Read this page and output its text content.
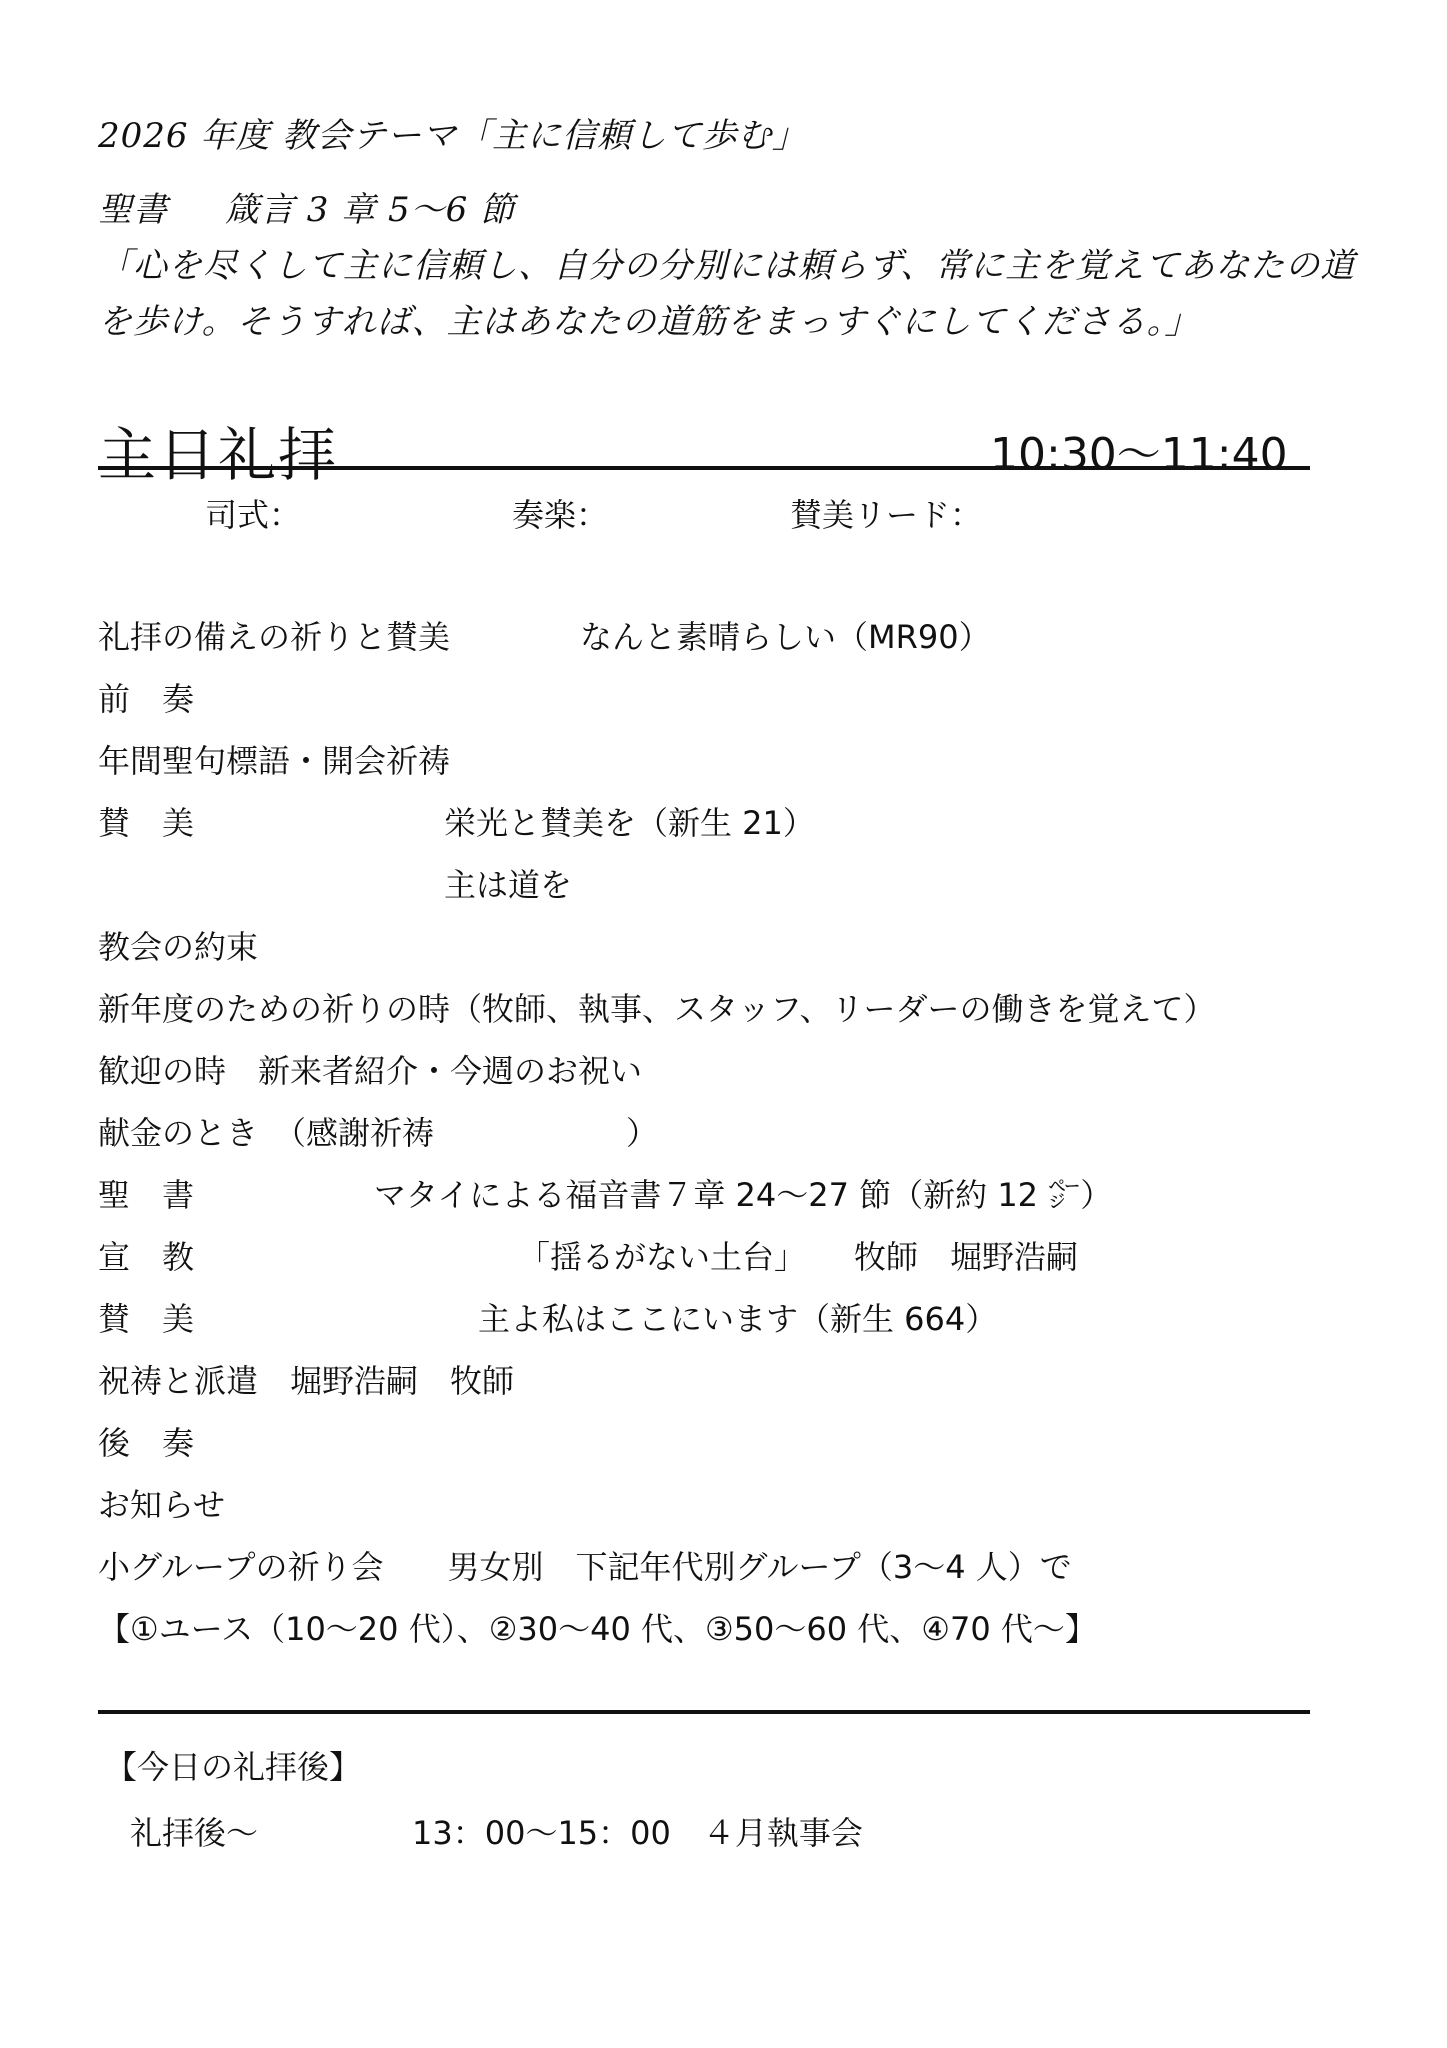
2026 年度 教会テーマ「主に信頼して歩む」
聖書 箴言 3 章 5〜6 節
「心を尽くして主に信頼し、自分の分別には頼らず、常に主を覚えてあなたの道
を歩け。そうすれば、主はあなたの道筋をまっすぐにしてくださる。」
主日礼拝	10:30〜11:40
司式：	奏楽：	賛美リード：
礼拝の備えの祈りと賛美	なんと素晴らしい（MR90）
前　奏
年間聖句標語・開会祈祷
賛　美	栄光と賛美を（新生 21）
主は道を
教会の約束
新年度のための祈りの時（牧師、執事、スタッフ、リーダーの働きを覚えて）
歓迎の時　新来者紹介・今週のお祝い
献金のとき　（感謝祈祷　　　　　　）
聖　書	マタイによる福音書７章 24〜27 節（新約 12 ㌻）
宣　教	「揺るがない土台」　　牧師　堀野浩嗣
賛　美	主よ私はここにいます（新生 664）
祝祷と派遣　堀野浩嗣　牧師
後　奏
お知らせ
小グループの祈り会　　男女別　下記年代別グループ（3〜4 人）で
【①ユース（10〜20 代）、②30〜40 代、③50〜60 代、④70 代〜】
【今日の礼拝後】
礼拝後〜	13：00〜15：00　４月執事会
